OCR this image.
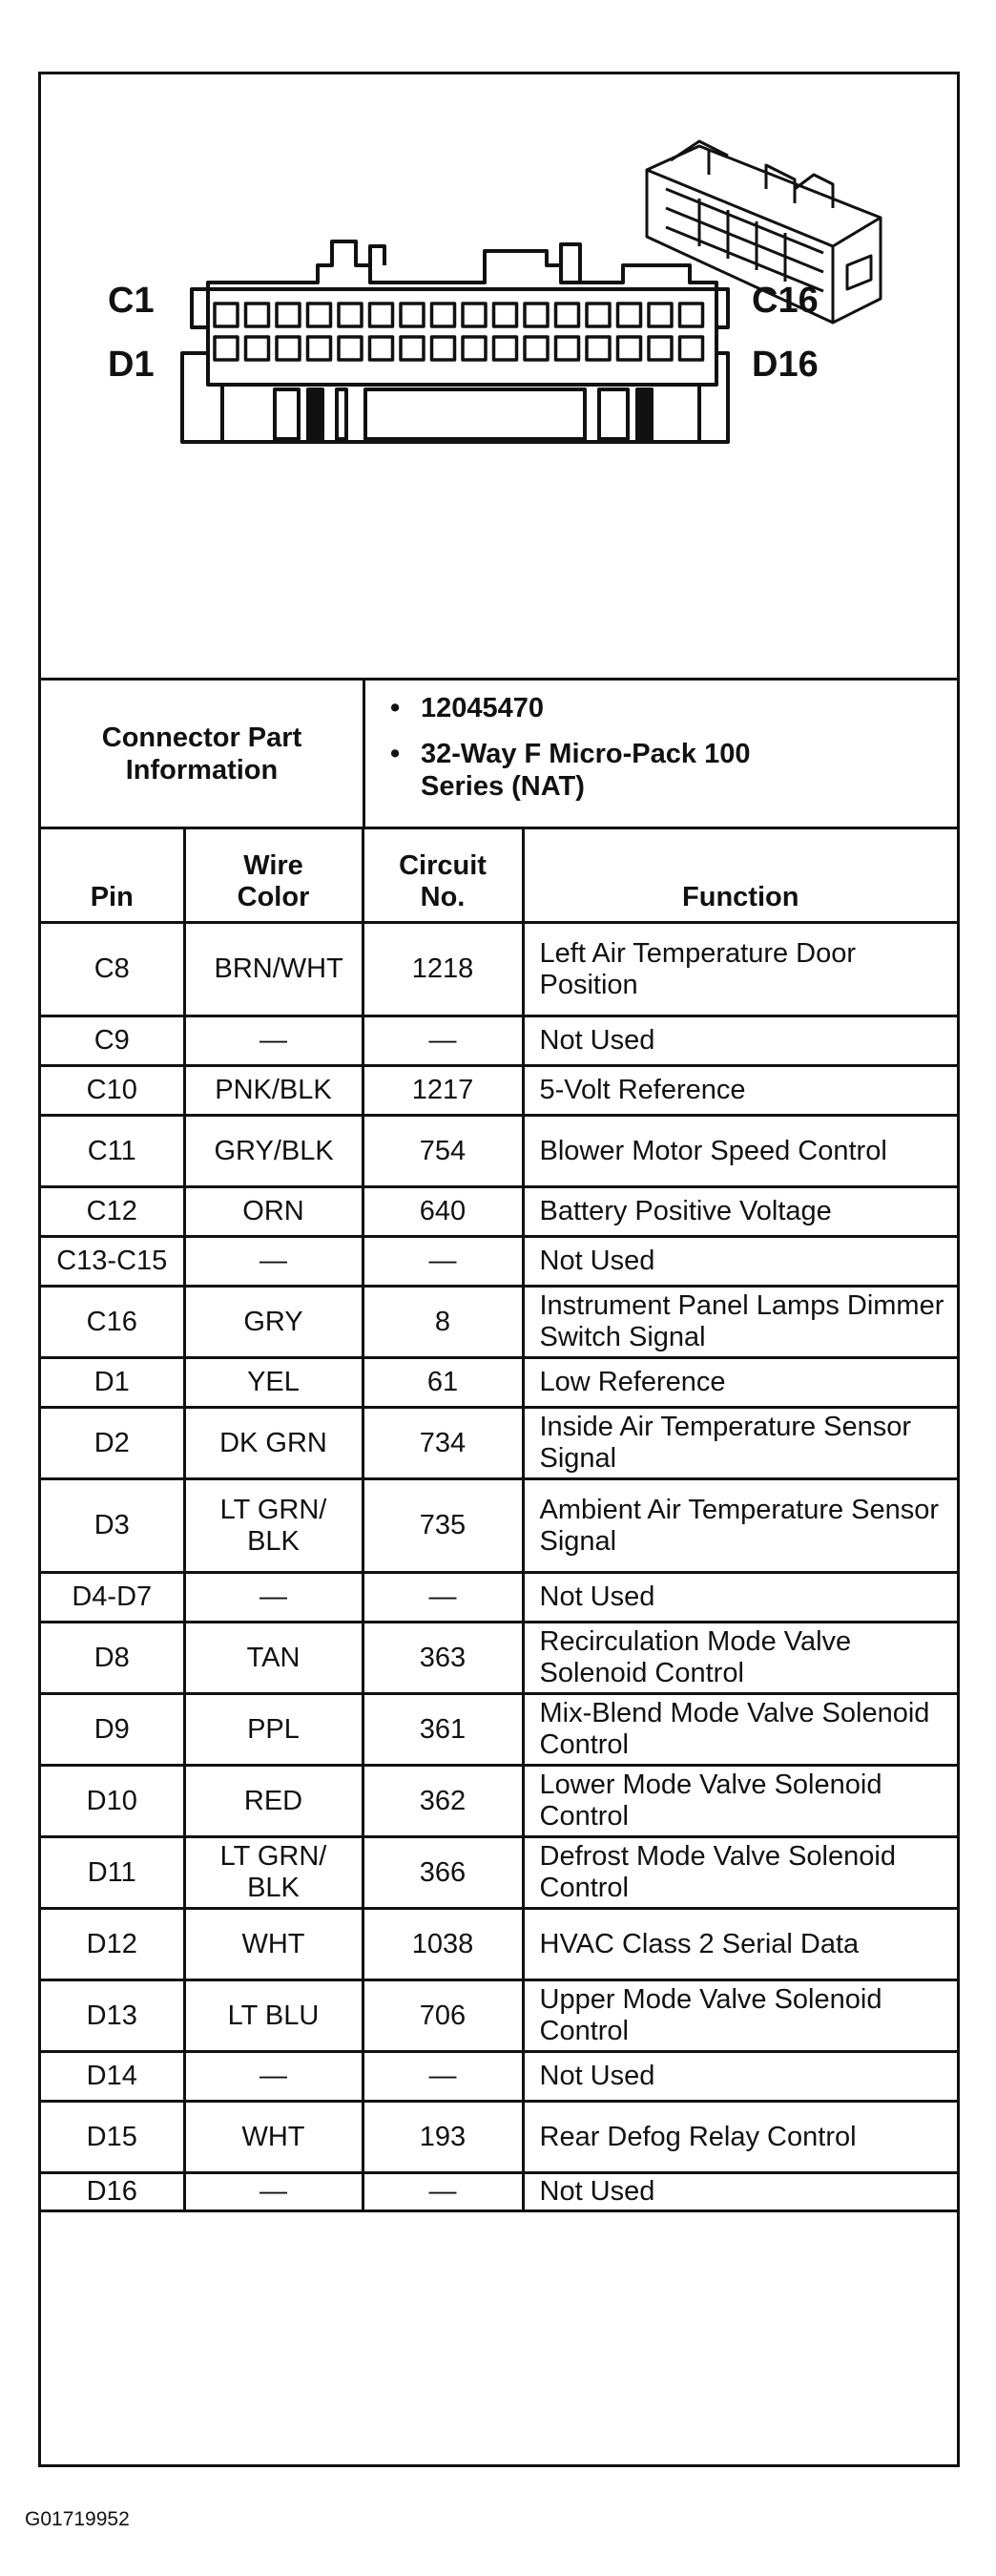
C1
D1
C16
D16
Connector Part Information
• 12045470
• 32-Way F Micro-Pack 100 Series (NAT)
Pin	Wire Color	Circuit No.	Function
C8	BRN/WHT	1218	Left Air Temperature Door Position
C9	—	—	Not Used
C10	PNK/BLK	1217	5-Volt Reference
C11	GRY/BLK	754	Blower Motor Speed Control
C12	ORN	640	Battery Positive Voltage
C13-C15	—	—	Not Used
C16	GRY	8	Instrument Panel Lamps Dimmer Switch Signal
D1	YEL	61	Low Reference
D2	DK GRN	734	Inside Air Temperature Sensor Signal
D3	LT GRN/ BLK	735	Ambient Air Temperature Sensor Signal
D4-D7	—	—	Not Used
D8	TAN	363	Recirculation Mode Valve Solenoid Control
D9	PPL	361	Mix-Blend Mode Valve Solenoid Control
D10	RED	362	Lower Mode Valve Solenoid Control
D11	LT GRN/ BLK	366	Defrost Mode Valve Solenoid Control
D12	WHT	1038	HVAC Class 2 Serial Data
D13	LT BLU	706	Upper Mode Valve Solenoid Control
D14	—	—	Not Used
D15	WHT	193	Rear Defog Relay Control
D16	—	—	Not Used
G01719952
